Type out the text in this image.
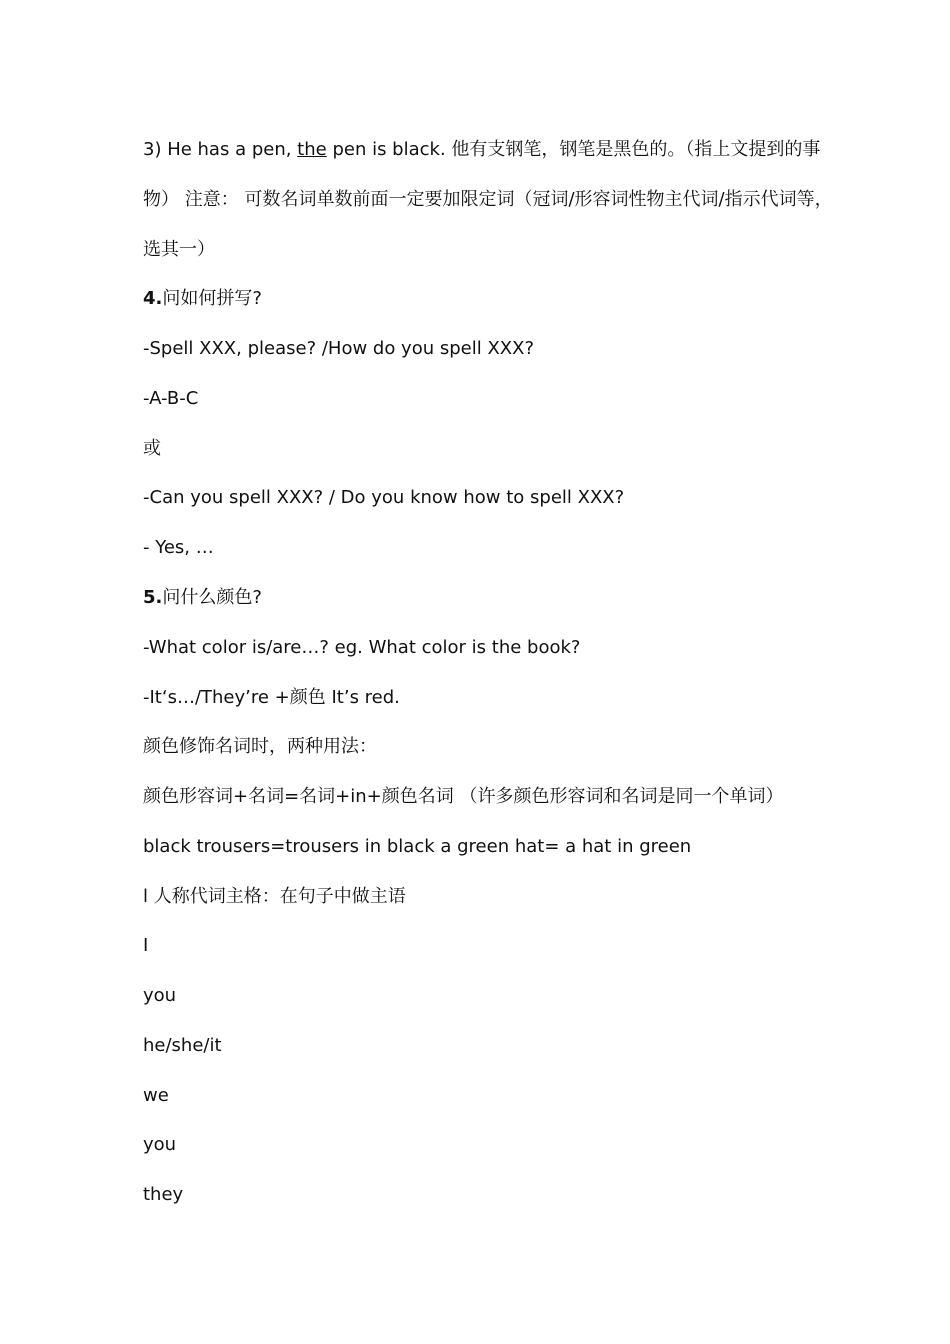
3) He has a pen, the pen is black. 他有支钢笔，钢笔是黑色的。（指上文提到的事
物） 注意： 可数名词单数前面一定要加限定词（冠词/形容词性物主代词/指示代词等，
选其一）
4.问如何拼写?
-Spell XXX, please? /How do you spell XXX?
-A-B-C
或
-Can you spell XXX? / Do you know how to spell XXX?
- Yes, …
5.问什么颜色?
-What color is/are…? eg. What color is the book?
-It‘s…/They’re +颜色 It’s red.
颜色修饰名词时，两种用法：
颜色形容词+名词=名词+in+颜色名词 （许多颜色形容词和名词是同一个单词）
black trousers=trousers in black a green hat= a hat in green
l 人称代词主格：在句子中做主语
I
you
he/she/it
we
you
they
